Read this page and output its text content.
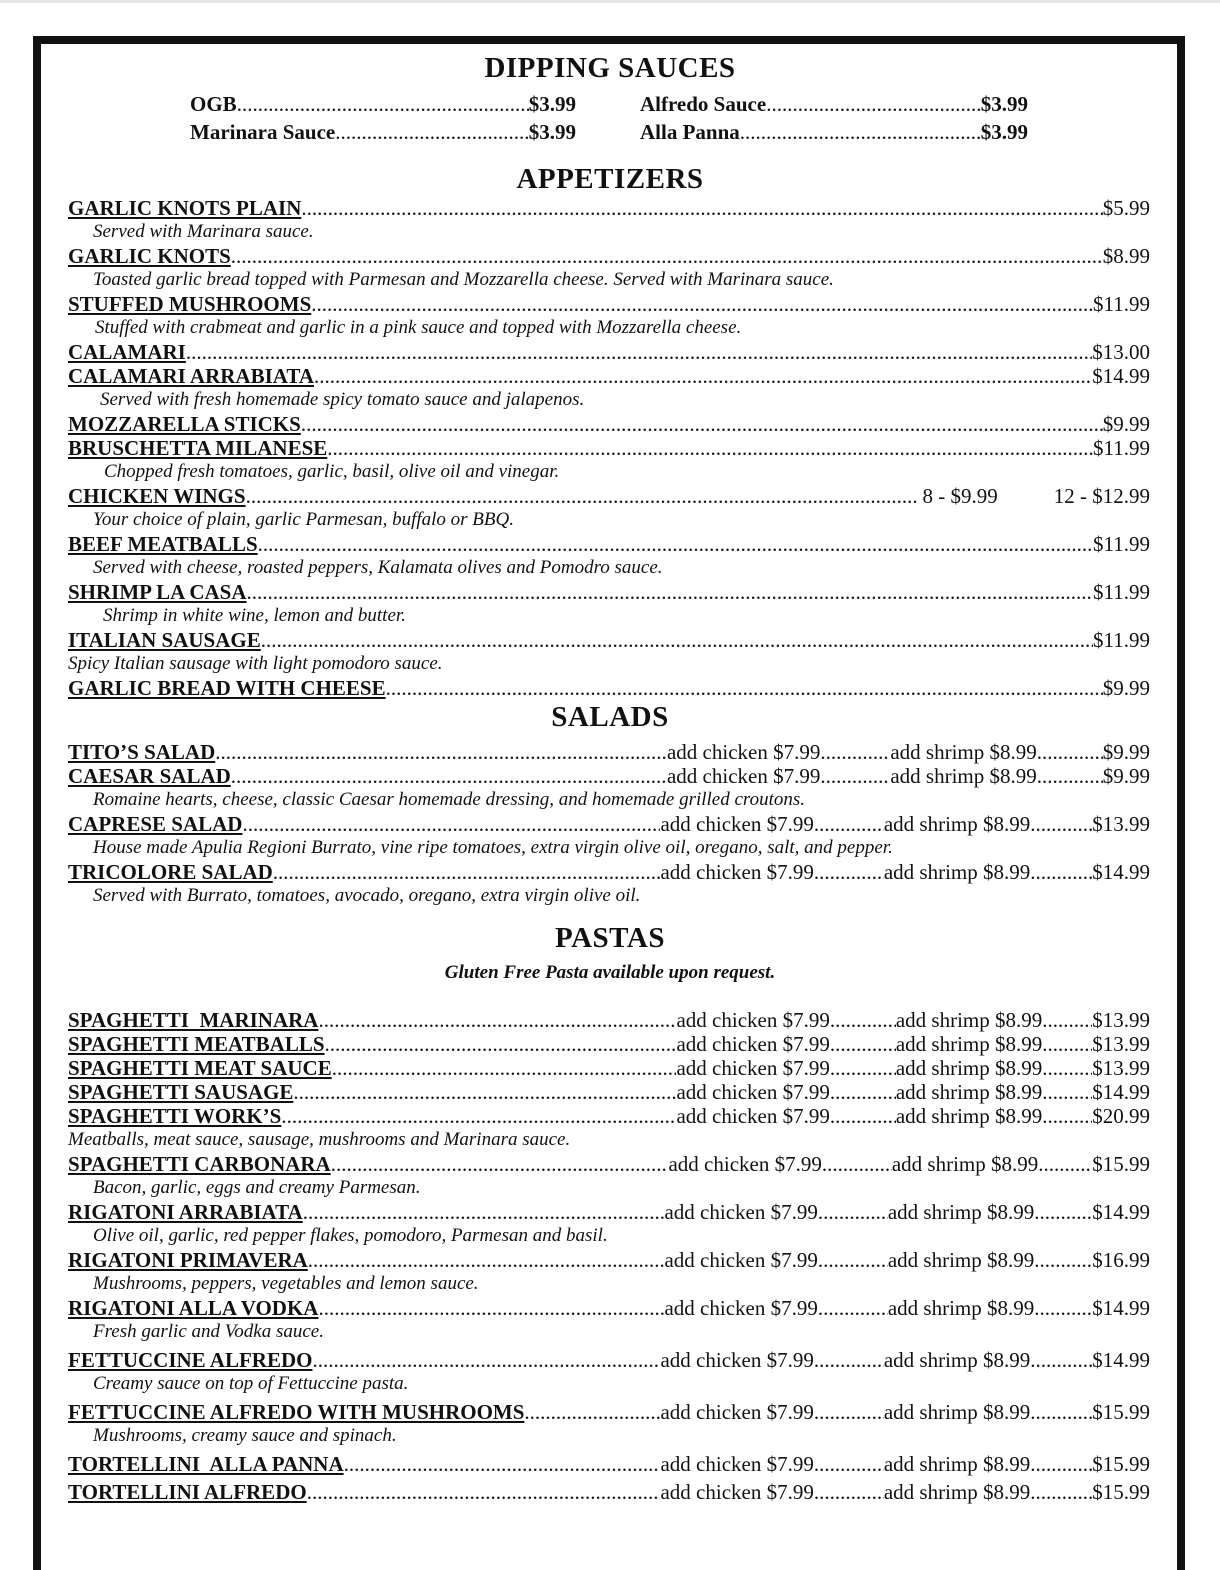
DIPPING SAUCES
OGB .....	$3.99	Alfredo Sauce .....	$3.99
Marinara Sauce .....	$3.99	Alla Panna .....	$3.99
APPETIZERS
GARLIC KNOTS PLAIN .....	$5.99
Served with Marinara sauce.
GARLIC KNOTS .....	$8.99
Toasted garlic bread topped with Parmesan and Mozzarella cheese. Served with Marinara sauce.
STUFFED MUSHROOMS .....	$11.99
Stuffed with crabmeat and garlic in a pink sauce and topped with Mozzarella cheese.
CALAMARI .....	$13.00
CALAMARI ARRABIATA .....	$14.99
Served with fresh homemade spicy tomato sauce and jalapenos.
MOZZARELLA STICKS .....	$9.99
BRUSCHETTA MILANESE .....	$11.99
Chopped fresh tomatoes, garlic, basil, olive oil and vinegar.
CHICKEN WINGS .....	8 - $9.99	12 - $12.99
Your choice of plain, garlic Parmesan, buffalo or BBQ.
BEEF MEATBALLS .....	$11.99
Served with cheese, roasted peppers, Kalamata olives and Pomodro sauce.
SHRIMP LA CASA .....	$11.99
Shrimp in white wine, lemon and butter.
ITALIAN SAUSAGE .....	$11.99
Spicy Italian sausage with light pomodoro sauce.
GARLIC BREAD WITH CHEESE .....	$9.99
SALADS
TITO’S SALAD .....	add chicken $7.99 .....	add shrimp $8.99 .....	$9.99
CAESAR SALAD .....	add chicken $7.99 .....	add shrimp $8.99 .....	$9.99
Romaine hearts, cheese, classic Caesar homemade dressing, and homemade grilled croutons.
CAPRESE SALAD .....	add chicken $7.99 .....	add shrimp $8.99 .....	$13.99
House made Apulia Regioni Burrato, vine ripe tomatoes, extra virgin olive oil, oregano, salt, and pepper.
TRICOLORE SALAD .....	add chicken $7.99 .....	add shrimp $8.99 .....	$14.99
Served with Burrato, tomatoes, avocado, oregano, extra virgin olive oil.
PASTAS
Gluten Free Pasta available upon request.
SPAGHETTI  MARINARA .....	add chicken $7.99 .....	add shrimp $8.99 ..... $13.99
SPAGHETTI MEATBALLS .....	add chicken $7.99 .....	add shrimp $8.99 ..... $13.99
SPAGHETTI MEAT SAUCE .....	add chicken $7.99 .....	add shrimp $8.99 ..... $13.99
SPAGHETTI SAUSAGE .....	add chicken $7.99 .....	add shrimp $8.99 ..... $14.99
SPAGHETTI WORK’S .....	add chicken $7.99 .....	add shrimp $8.99 ..... $20.99
Meatballs, meat sauce, sausage, mushrooms and Marinara sauce.
SPAGHETTI CARBONARA .....	add chicken $7.99 .....	add shrimp $8.99 .....	$15.99
Bacon, garlic, eggs and creamy Parmesan.
RIGATONI ARRABIATA .....	add chicken $7.99 .....	add shrimp $8.99 .....	$14.99
Olive oil, garlic, red pepper flakes, pomodoro, Parmesan and basil.
RIGATONI PRIMAVERA .....	add chicken $7.99 .....	add shrimp $8.99 .....	$16.99
Mushrooms, peppers, vegetables and lemon sauce.
RIGATONI ALLA VODKA .....	add chicken $7.99 .....	add shrimp $8.99 .....	$14.99
Fresh garlic and Vodka sauce.
FETTUCCINE ALFREDO .....	add chicken $7.99 .....	add shrimp $8.99 .....	$14.99
Creamy sauce on top of Fettuccine pasta.
FETTUCCINE ALFREDO WITH MUSHROOMS .....	add chicken $7.99 .....	add shrimp $8.99 .....	$15.99
Mushrooms, creamy sauce and spinach.
TORTELLINI  ALLA PANNA .....	add chicken $7.99 .....	add shrimp $8.99 .....	$15.99
TORTELLINI ALFREDO .....	add chicken $7.99 .....	add shrimp $8.99 .....	$15.99
